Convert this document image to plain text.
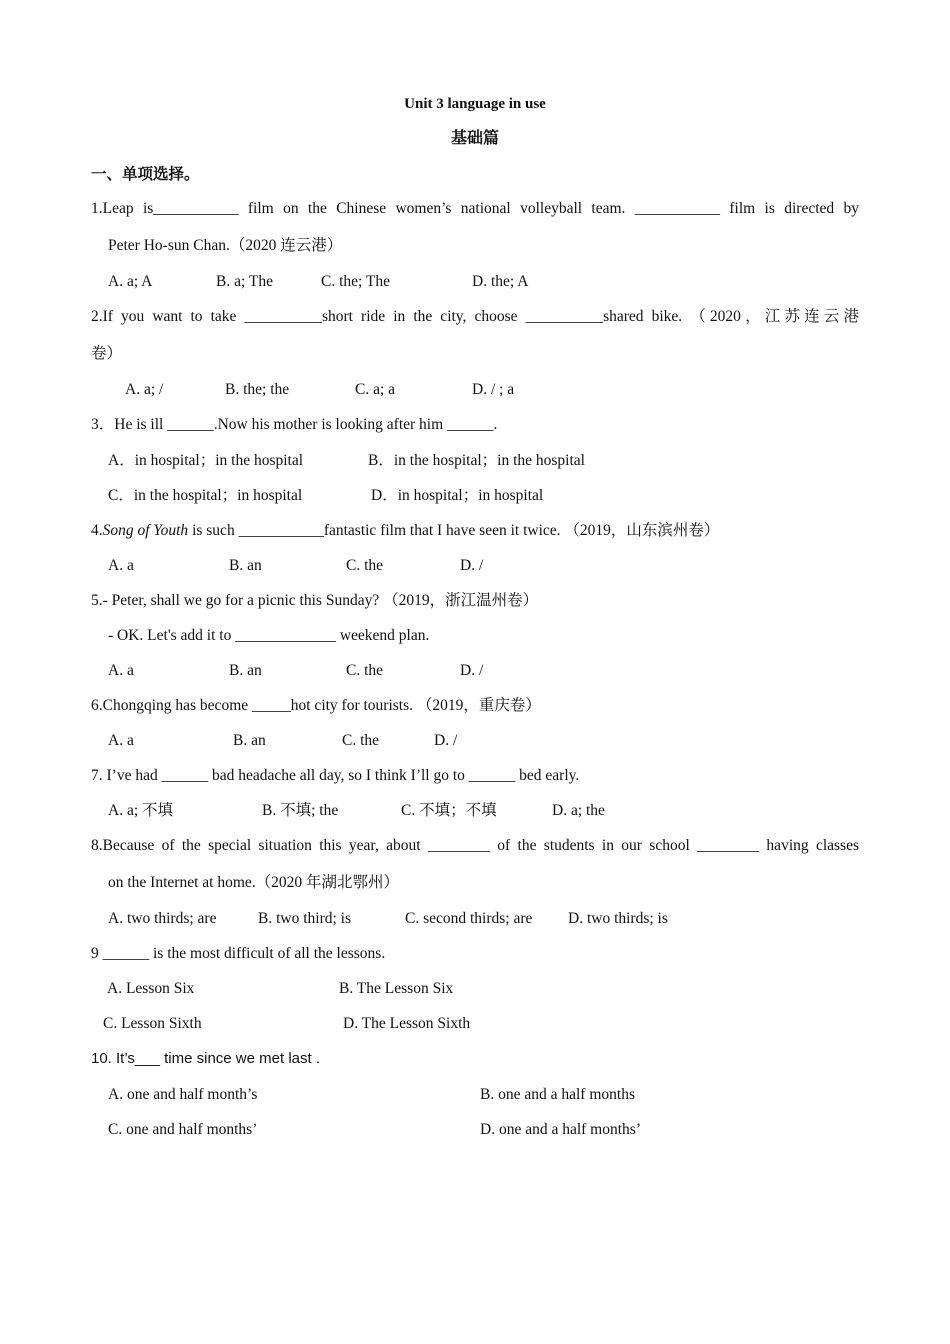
Unit 3 language in use
基础篇
一、单项选择。
1.Leap is___________ film on the Chinese women’s national volleyball team. ___________ film is directed by
Peter Ho-sun Chan.（2020 连云港）
A. a; A	B. a; The	C. the; The	D. the; A
2.If you want to take __________short ride in the city, choose __________shared bike. （2020，江苏连云港
卷）
A. a; /	B. the; the	C. a; a	D. / ; a
3．He is ill ______.Now his mother is looking after him ______.
A．in hospital；in the hospital	B．in the hospital；in the hospital
C．in the hospital；in hospital	D．in hospital；in hospital
4.Song of Youth is such ___________fantastic film that I have seen it twice. （2019，山东滨州卷）
A. a	B. an	C. the	D. /
5.- Peter, shall we go for a picnic this Sunday? （2019，浙江温州卷）
- OK. Let's add it to _____________ weekend plan.
A. a	B. an	C. the	D. /
6.Chongqing has become _____hot city for tourists. （2019，重庆卷）
A. a	B. an	C. the	D. /
7. I’ve had ______ bad headache all day, so I think I’ll go to ______ bed early.
A. a; 不填	B. 不填; the	C. 不填；不填	D. a; the
8.Because of the special situation this year, about ________ of the students in our school ________ having classes
on the Internet at home.（2020 年湖北鄂州）
A. two thirds; are	B. two third; is	C. second thirds; are D. two thirds; is
9 ______ is the most difficult of all the lessons.
A. Lesson Six	B. The Lesson Six
C. Lesson Sixth	D. The Lesson Sixth
10. It’s___ time since we met last .
A. one and half month’s	B. one and a half months
C. one and half months’	D. one and a half months’
